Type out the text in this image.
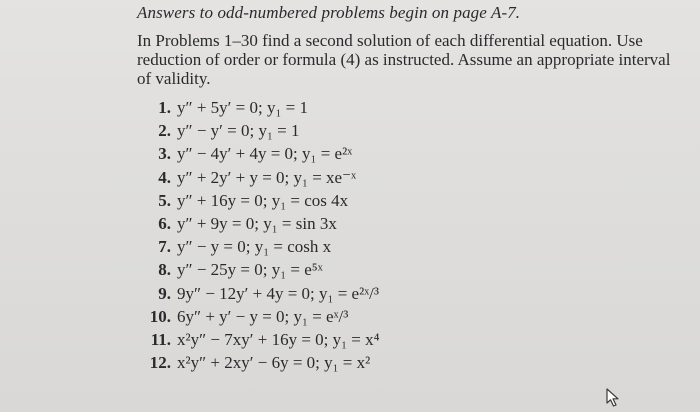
Answers to odd-numbered problems begin on page A-7.
In Problems 1–30 find a second solution of each differential equation. Use reduction of order or formula (4) as instructed. Assume an appropriate interval of validity.
1. y″ + 5y′ = 0; y₁ = 1
2. y″ − y′ = 0; y₁ = 1
3. y″ − 4y′ + 4y = 0; y₁ = e²ˣ
4. y″ + 2y′ + y = 0; y₁ = xe⁻ˣ
5. y″ + 16y = 0; y₁ = cos 4x
6. y″ + 9y = 0; y₁ = sin 3x
7. y″ − y = 0; y₁ = cosh x
8. y″ − 25y = 0; y₁ = e⁵ˣ
9. 9y″ − 12y′ + 4y = 0; y₁ = e²ˣ/³
10. 6y″ + y′ − y = 0; y₁ = eˣ/³
11. x²y″ − 7xy′ + 16y = 0; y₁ = x⁴
12. x²y″ + 2xy′ − 6y = 0; y₁ = x²
